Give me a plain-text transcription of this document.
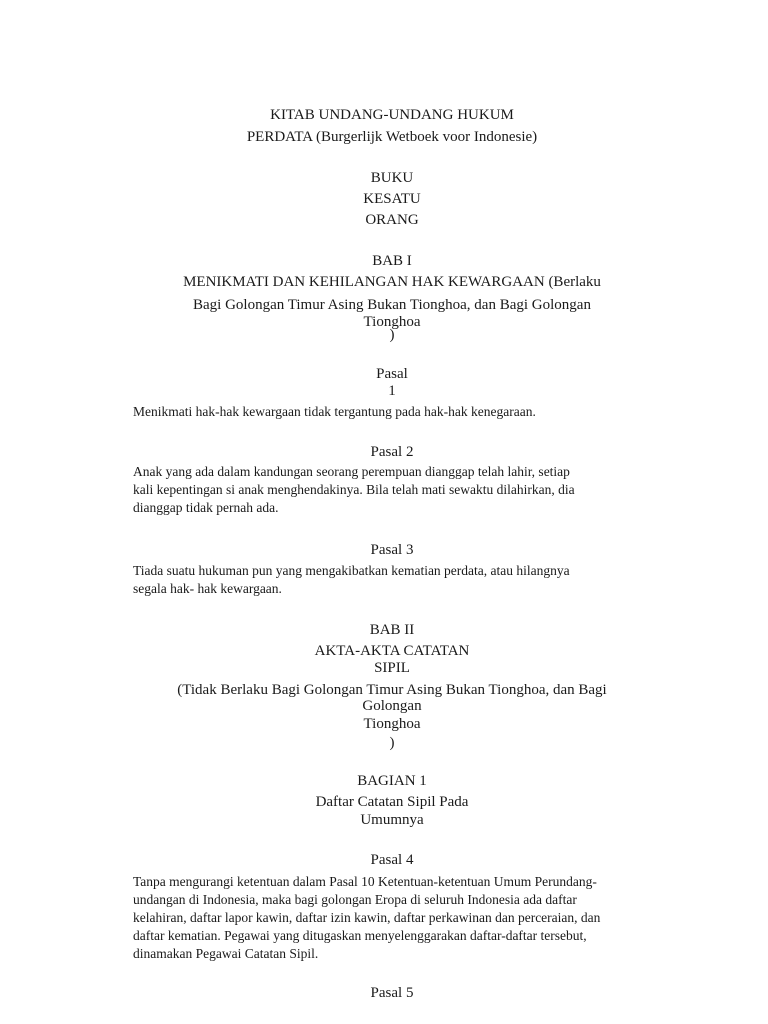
KITAB UNDANG-UNDANG HUKUM

PERDATA (Burgerlijk Wetboek voor Indonesie)

BUKU

KESATU

ORANG

BAB I

MENIKMATI DAN KEHILANGAN HAK KEWARGAAN (Berlaku

Bagi Golongan Timur Asing Bukan Tionghoa, dan Bagi Golongan

Tionghoa

)

Pasal

1

Menikmati hak-hak kewargaan tidak tergantung pada hak-hak kenegaraan.

Pasal 2

Anak yang ada dalam kandungan seorang perempuan dianggap telah lahir, setiap
kali kepentingan si anak menghendakinya. Bila telah mati sewaktu dilahirkan, dia
dianggap tidak pernah ada.

Pasal 3

Tiada suatu hukuman pun yang mengakibatkan kematian perdata, atau hilangnya
segala hak- hak kewargaan.

BAB II

AKTA-AKTA CATATAN

SIPIL

(Tidak Berlaku Bagi Golongan Timur Asing Bukan Tionghoa, dan Bagi

Golongan

Tionghoa

)

BAGIAN 1

Daftar Catatan Sipil Pada

Umumnya

Pasal 4

Tanpa mengurangi ketentuan dalam Pasal 10 Ketentuan-ketentuan Umum Perundang-
undangan di Indonesia, maka bagi golongan Eropa di seluruh Indonesia ada daftar
kelahiran, daftar lapor kawin, daftar izin kawin, daftar perkawinan dan perceraian, dan
daftar kematian. Pegawai yang ditugaskan menyelenggarakan daftar-daftar tersebut,
dinamakan Pegawai Catatan Sipil.

Pasal 5
